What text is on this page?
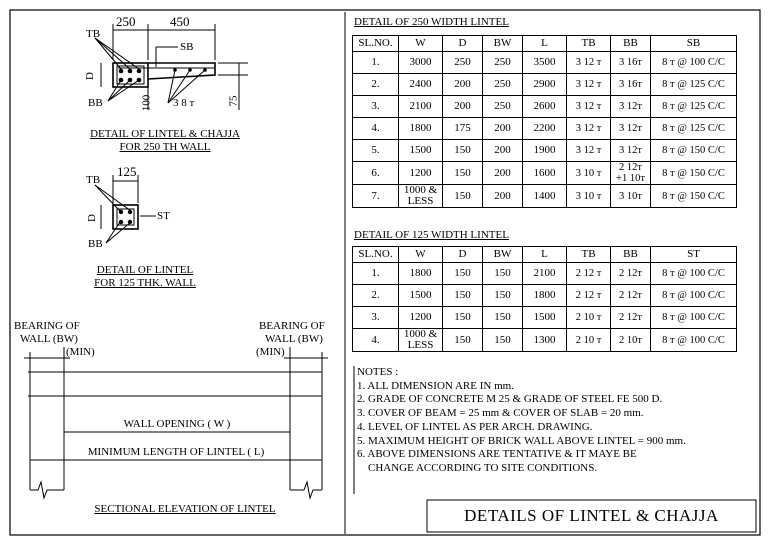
250	450
TB
SB
D
BB	3 8 т
100	75
DETAIL OF LINTEL & CHAJJA
FOR 250 TH WALL
125
TB
D	ST
BB
DETAIL OF LINTEL
FOR 125 THK. WALL
BEARING OF
WALL (BW)
(MIN)
BEARING OF
WALL (BW)
(MIN)
WALL OPENING ( W )
MINIMUM LENGTH OF LINTEL ( L)
SECTIONAL ELEVATION OF LINTEL
DETAIL OF 250 WIDTH LINTEL
SL.NO.	W	D	BW	L	TB	BB	SB
1.	3000	250	250	3500	3 12 т	3 16т	8 т @ 100 C/C
2.	2400	200	250	2900	3 12 т	3 16т	8 т @ 125 C/C
3.	2100	200	250	2600	3 12 т	3 12т	8 т @ 125 C/C
4.	1800	175	200	2200	3 12 т	3 12т	8 т @ 125 C/C
5.	1500	150	200	1900	3 12 т	3 12т	8 т @ 150 C/C
6.	1200	150	200	1600	3 10 т	2 12т +1 10т	8 т @ 150 C/C
7.	1000 & LESS	150	200	1400	3 10 т	3 10т	8 т @ 150 C/C
DETAIL OF 125 WIDTH LINTEL
SL.NO.	W	D	BW	L	TB	BB	ST
1.	1800	150	150	2100	2 12 т	2 12т	8 т @ 100 C/C
2.	1500	150	150	1800	2 12 т	2 12т	8 т @ 100 C/C
3.	1200	150	150	1500	2 10 т	2 12т	8 т @ 100 C/C
4.	1000 & LESS	150	150	1300	2 10 т	2 10т	8 т @ 100 C/C
NOTES :
1. ALL DIMENSION ARE IN mm.
2. GRADE OF CONCRETE M 25 & GRADE OF STEEL FE 500 D.
3. COVER OF BEAM = 25 mm & COVER OF SLAB = 20 mm.
4. LEVEL OF LINTEL AS PER ARCH. DRAWING.
5. MAXIMUM HEIGHT OF BRICK WALL ABOVE LINTEL = 900 mm.
6. ABOVE DIMENSIONS ARE TENTATIVE & IT MAYE BE
CHANGE ACCORDING TO SITE CONDITIONS.
DETAILS OF LINTEL & CHAJJA
